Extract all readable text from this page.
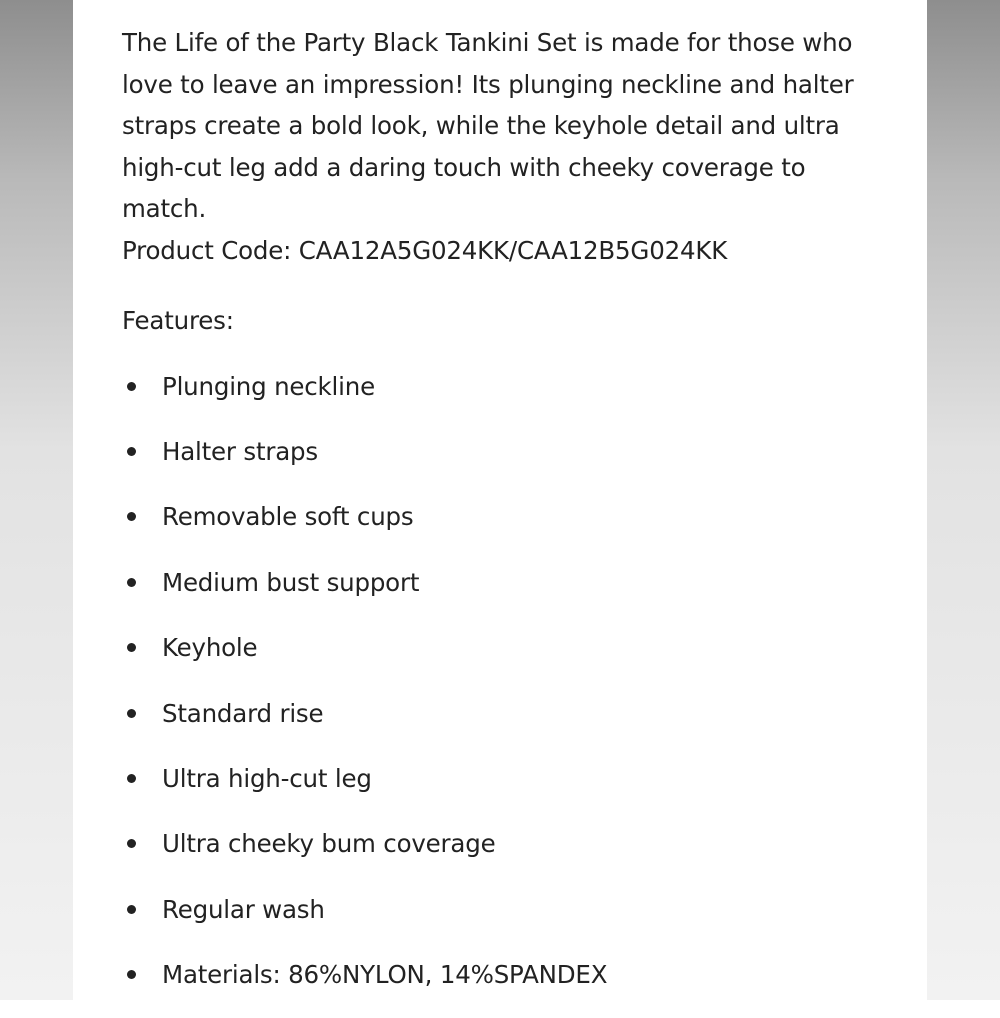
The Life of the Party Black Tankini Set is made for those who
love to leave an impression! Its plunging neckline and halter
straps create a bold look, while the keyhole detail and ultra
high-cut leg add a daring touch with cheeky coverage to
match.
Product Code: CAA12A5G024KK/CAA12B5G024KK

Features:

Plunging neckline
Halter straps
Removable soft cups
Medium bust support
Keyhole
Standard rise
Ultra high-cut leg
Ultra cheeky bum coverage
Regular wash
Materials: 86%NYLON, 14%SPANDEX
